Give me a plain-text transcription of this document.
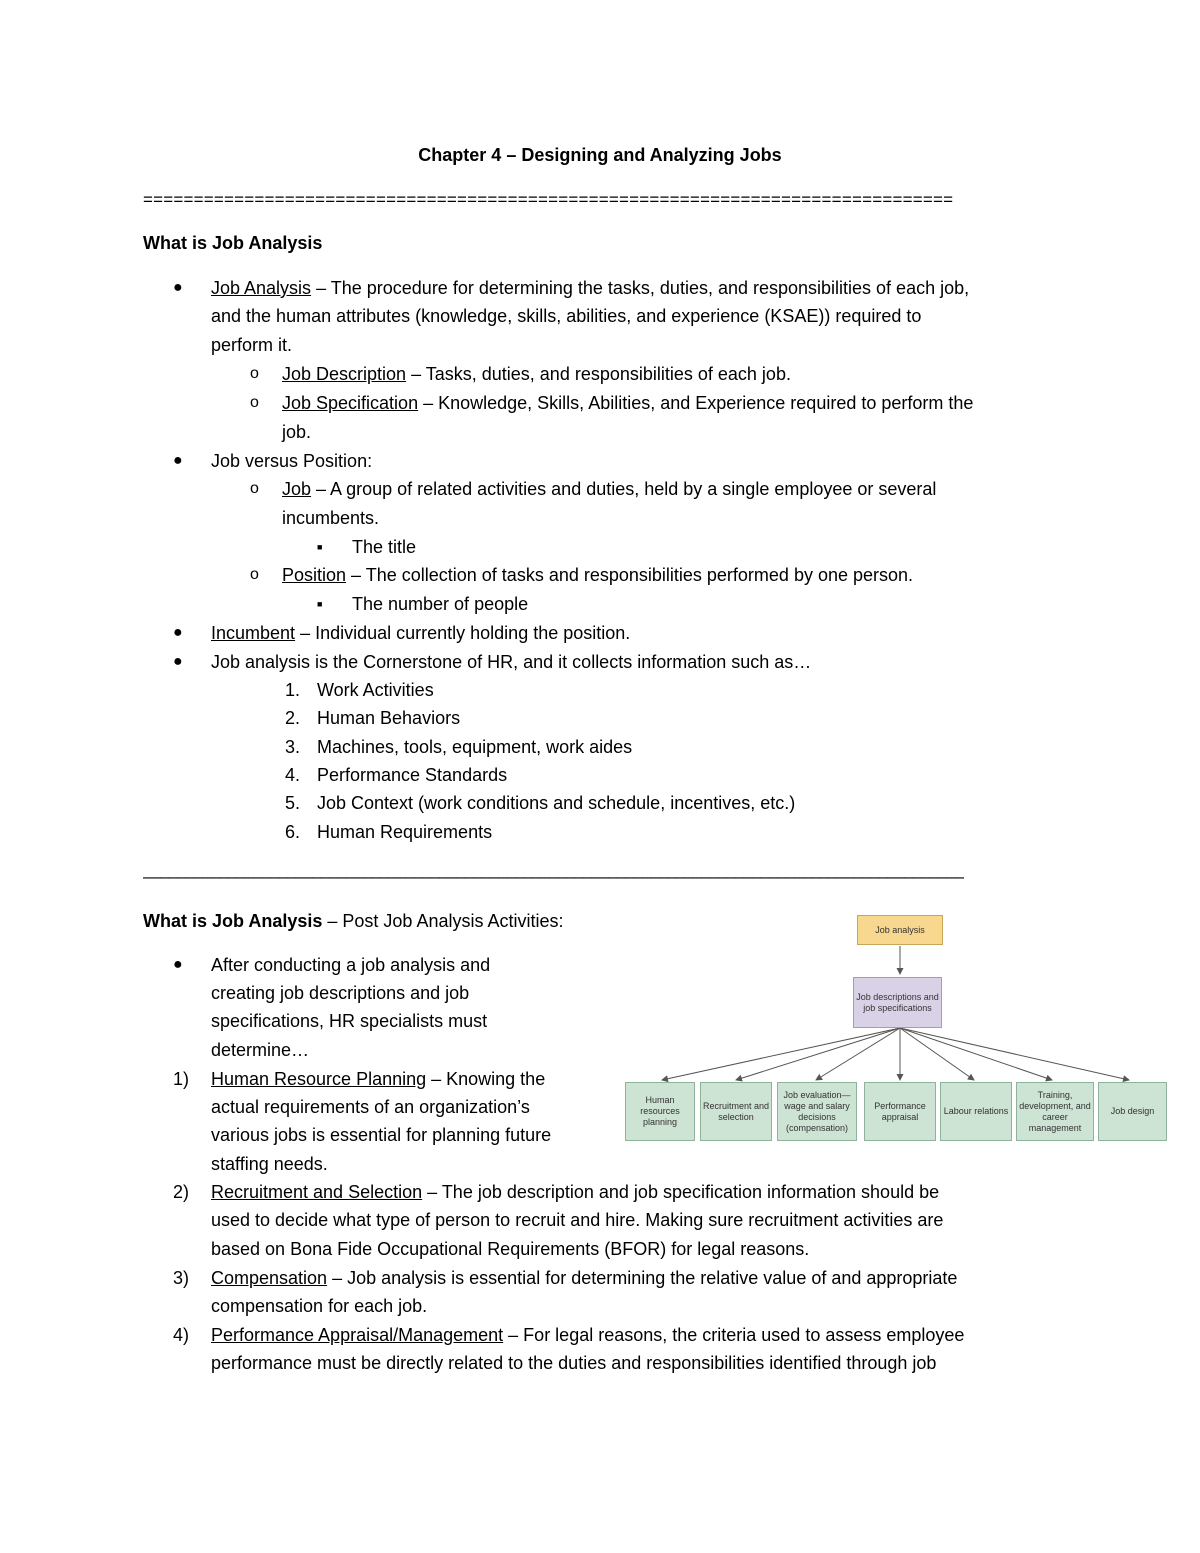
Chapter 4 – Designing and Analyzing Jobs
================================================================================
What is Job Analysis
● Job Analysis – The procedure for determining the tasks, duties, and responsibilities of each job,
and the human attributes (knowledge, skills, abilities, and experience (KSAE)) required to
perform it.
o Job Description – Tasks, duties, and responsibilities of each job.
o Job Specification – Knowledge, Skills, Abilities, and Experience required to perform the
job.
● Job versus Position:
o Job – A group of related activities and duties, held by a single employee or several
incumbents.
■ The title
o Position – The collection of tasks and responsibilities performed by one person.
■ The number of people
● Incumbent – Individual currently holding the position.
● Job analysis is the Cornerstone of HR, and it collects information such as…
1. Work Activities
2. Human Behaviors
3. Machines, tools, equipment, work aides
4. Performance Standards
5. Job Context (work conditions and schedule, incentives, etc.)
6. Human Requirements
–––––––––––––––––––––––––––––––––––––––––––––––––––––––––––––––––––––––––––––––––––––––––––––––––
What is Job Analysis – Post Job Analysis Activities:
● After conducting a job analysis and
creating job descriptions and job
specifications, HR specialists must
determine…
1) Human Resource Planning – Knowing the
actual requirements of an organization’s
various jobs is essential for planning future
staffing needs.
2) Recruitment and Selection – The job description and job specification information should be
used to decide what type of person to recruit and hire. Making sure recruitment activities are
based on Bona Fide Occupational Requirements (BFOR) for legal reasons.
3) Compensation – Job analysis is essential for determining the relative value of and appropriate
compensation for each job.
4) Performance Appraisal/Management – For legal reasons, the criteria used to assess employee
performance must be directly related to the duties and responsibilities identified through job
Job analysis
Job descriptions and job specifications
Human resources planning
Recruitment and selection
Job evaluation— wage and salary decisions (compensation)
Performance appraisal
Labour relations
Training, development, and career management
Job design
